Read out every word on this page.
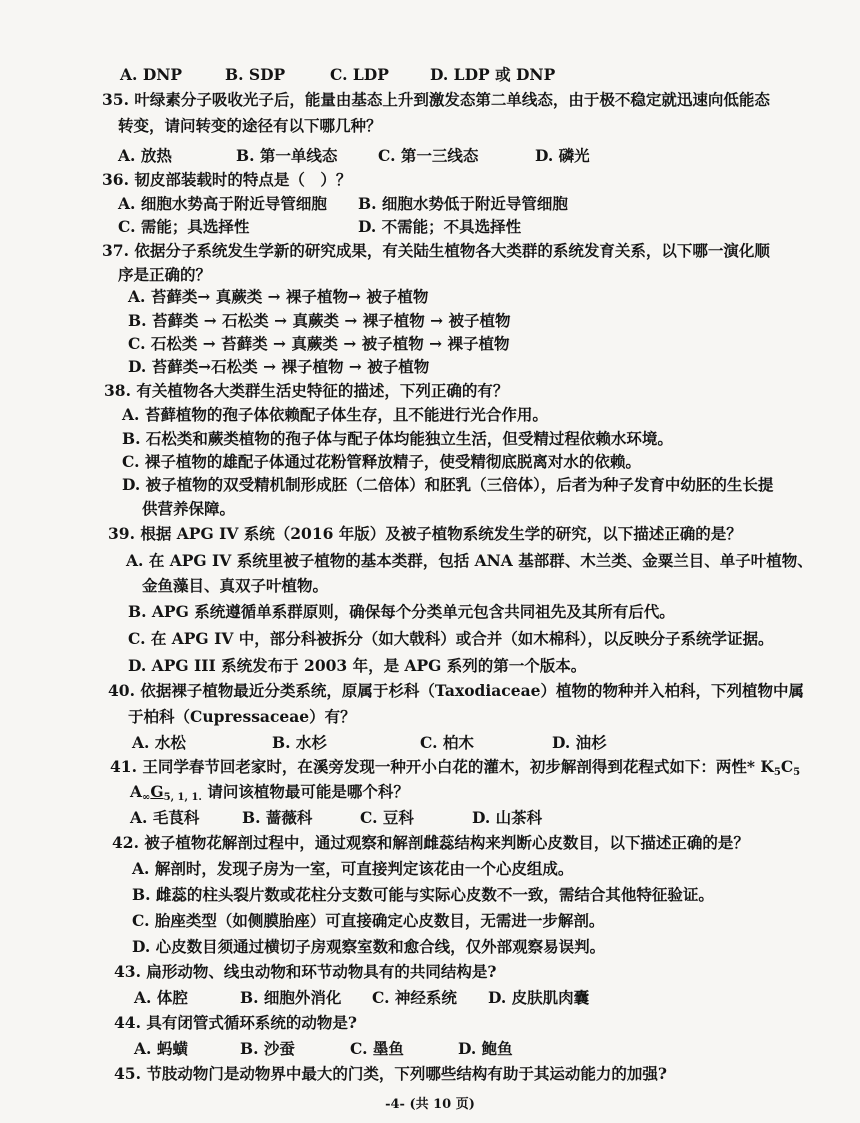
A. DNP	B. SDP	C. LDP	D. LDP 或 DNP
35. 叶绿素分子吸收光子后，能量由基态上升到激发态第二单线态，由于极不稳定就迅速向低能态
转变，请问转变的途径有以下哪几种？
A. 放热	B. 第一单线态	C. 第一三线态	D. 磷光
36. 韧皮部装载时的特点是（　）？
A. 细胞水势高于附近导管细胞 B. 细胞水势低于附近导管细胞
C. 需能；具选择性	D. 不需能；不具选择性
37. 依据分子系统发生学新的研究成果，有关陆生植物各大类群的系统发育关系，以下哪一演化顺
序是正确的？
A. 苔藓类→ 真蕨类 → 裸子植物→ 被子植物
B. 苔藓类 → 石松类 → 真蕨类 → 裸子植物 → 被子植物
C. 石松类 → 苔藓类 → 真蕨类 → 被子植物 → 裸子植物
D. 苔藓类→石松类 → 裸子植物 → 被子植物
38. 有关植物各大类群生活史特征的描述，下列正确的有？
A. 苔藓植物的孢子体依赖配子体生存，且不能进行光合作用。
B. 石松类和蕨类植物的孢子体与配子体均能独立生活，但受精过程依赖水环境。
C. 裸子植物的雄配子体通过花粉管释放精子，使受精彻底脱离对水的依赖。
D. 被子植物的双受精机制形成胚（二倍体）和胚乳（三倍体），后者为种子发育中幼胚的生长提
供营养保障。
39. 根据 APG IV 系统（2016 年版）及被子植物系统发生学的研究，以下描述正确的是？
A. 在 APG IV 系统里被子植物的基本类群，包括 ANA 基部群、木兰类、金粟兰目、单子叶植物、
金鱼藻目、真双子叶植物。
B. APG 系统遵循单系群原则，确保每个分类单元包含共同祖先及其所有后代。
C. 在 APG IV 中，部分科被拆分（如大戟科）或合并（如木棉科），以反映分子系统学证据。
D. APG III 系统发布于 2003 年，是 APG 系列的第一个版本。
40. 依据裸子植物最近分类系统，原属于杉科（Taxodiaceae）植物的物种并入柏科，下列植物中属
于柏科（Cupressaceae）有？
A. 水松	B. 水杉	C. 柏木	D. 油杉
41. 王同学春节回老家时，在溪旁发现一种开小白花的灌木，初步解剖得到花程式如下：两性* $K_5C_5$
$A_\infty G_{5, 1, 1.}$ 请问该植物最可能是哪个科？
A. 毛茛科	B. 蔷薇科	C. 豆科	D. 山茶科
42. 被子植物花解剖过程中，通过观察和解剖雌蕊结构来判断心皮数目，以下描述正确的是？
A. 解剖时，发现子房为一室，可直接判定该花由一个心皮组成。
B. 雌蕊的柱头裂片数或花柱分支数可能与实际心皮数不一致，需结合其他特征验证。
C. 胎座类型（如侧膜胎座）可直接确定心皮数目，无需进一步解剖。
D. 心皮数目须通过横切子房观察室数和愈合线，仅外部观察易误判。
43. 扁形动物、线虫动物和环节动物具有的共同结构是?
A. 体腔	B. 细胞外消化 C. 神经系统 D. 皮肤肌肉囊
44. 具有闭管式循环系统的动物是?
A. 蚂蟥	B. 沙蚕	C. 墨鱼	D. 鲍鱼
45. 节肢动物门是动物界中最大的门类，下列哪些结构有助于其运动能力的加强?
-4- (共 10 页)
